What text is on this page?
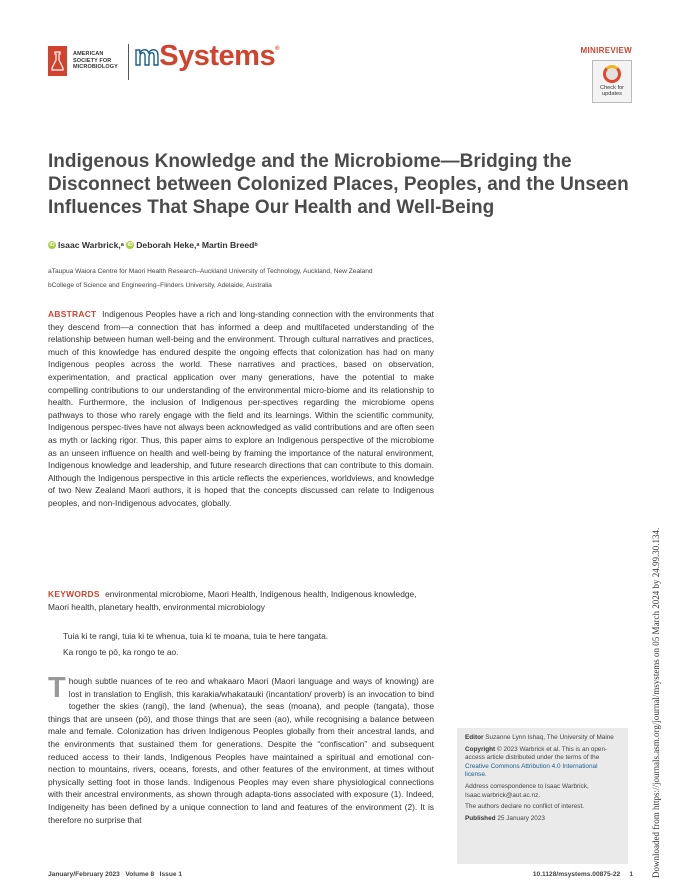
AMERICAN
SOCIETY FOR
MICROBIOLOGY mSystems®	MINIREVIEW
Check for
updates
Indigenous Knowledge and the Microbiome—Bridging the Disconnect between Colonized Places, Peoples, and the Unseen Influences That Shape Our Health and Well-Being
iD Isaac Warbrick, a
iD Deborah Heke, a
Martin Breed b
aTaupua Waiora Centre for Maori Health Research–Auckland University of Technology, Auckland, New Zealand
bCollege of Science and Engineering–Flinders University, Adelaide, Australia
ABSTRACT Indigenous Peoples have a rich and long-standing connection with the environments that they descend from—a connection that has informed a deep and multifaceted understanding of the relationship between human well-being and the environment. Through cultural narratives and practices, much of this knowledge has endured despite the ongoing effects that colonization has had on many Indigenous peoples across the world. These narratives and practices, based on observation, experimentation, and practical application over many generations, have the potential to make compelling contributions to our understanding of the environmental micro-biome and its relationship to health. Furthermore, the inclusion of Indigenous per-spectives regarding the microbiome opens pathways to those who rarely engage with the field and its learnings. Within the scientific community, Indigenous perspec-tives have not always been acknowledged as valid contributions and are often seen as myth or lacking rigor. Thus, this paper aims to explore an Indigenous perspective of the microbiome as an unseen influence on health and well-being by framing the importance of the natural environment, Indigenous knowledge and leadership, and future research directions that can contribute to this domain. Although the Indigenous perspective in this article reflects the experiences, worldviews, and knowledge of two New Zealand Maori authors, it is hoped that the concepts discussed can relate to Indigenous peoples, and non-Indigenous advocates, globally.
KEYWORDS environmental microbiome, Maori Health, Indigenous health, Indigenous knowledge, Maori health, planetary health, environmental microbiology
Tuia ki te rangi, tuia ki te whenua, tuia ki te moana, tuia te here tangata.
Ka rongo te pō, ka rongo te ao.
T hough subtle nuances of te reo and whakaaro Maori (Maori language and ways of knowing) are lost in translation to English, this karakia/whakatauki (incantation/ proverb) is an invocation to bind together the skies (rangi), the land (whenua), the seas (moana), and people (tangata), those things that are unseen (pō), and those things that are seen (ao), while recognising a balance between male and female. Colonization has driven Indigenous Peoples globally from their ancestral lands, and the environments that sustained them for generations. Despite the “confiscation” and subsequent reduced access to their lands, Indigenous Peoples have maintained a spiritual and emotional con-nection to mountains, rivers, oceans, forests, and other features of the environment, at times without physically setting foot in those lands. Indigenous Peoples may even share physiological connections with their ancestral environments, as shown through adapta-tions associated with exposure (1). Indeed, Indigeneity has been defined by a unique connection to land and features of the environment (2). It is therefore no surprise that

Editor Suzanne Lynn Ishaq, The University of Maine

Copyright © 2023 Warbrick et al. This is an open-access article distributed under the terms of the Creative Commons Attribution 4.0 International license.

Address correspondence to Isaac Warbrick, Isaac.warbrick@aut.ac.nz.

The authors declare no conflict of interest.

Published 25 January 2023

January/February 2023   Volume 8   Issue 1	10.1128/msystems.00875-22 1 Downloaded from https://journals.asm.org/journal/msystems on 05 March 2024 by 24.99.30.134.
